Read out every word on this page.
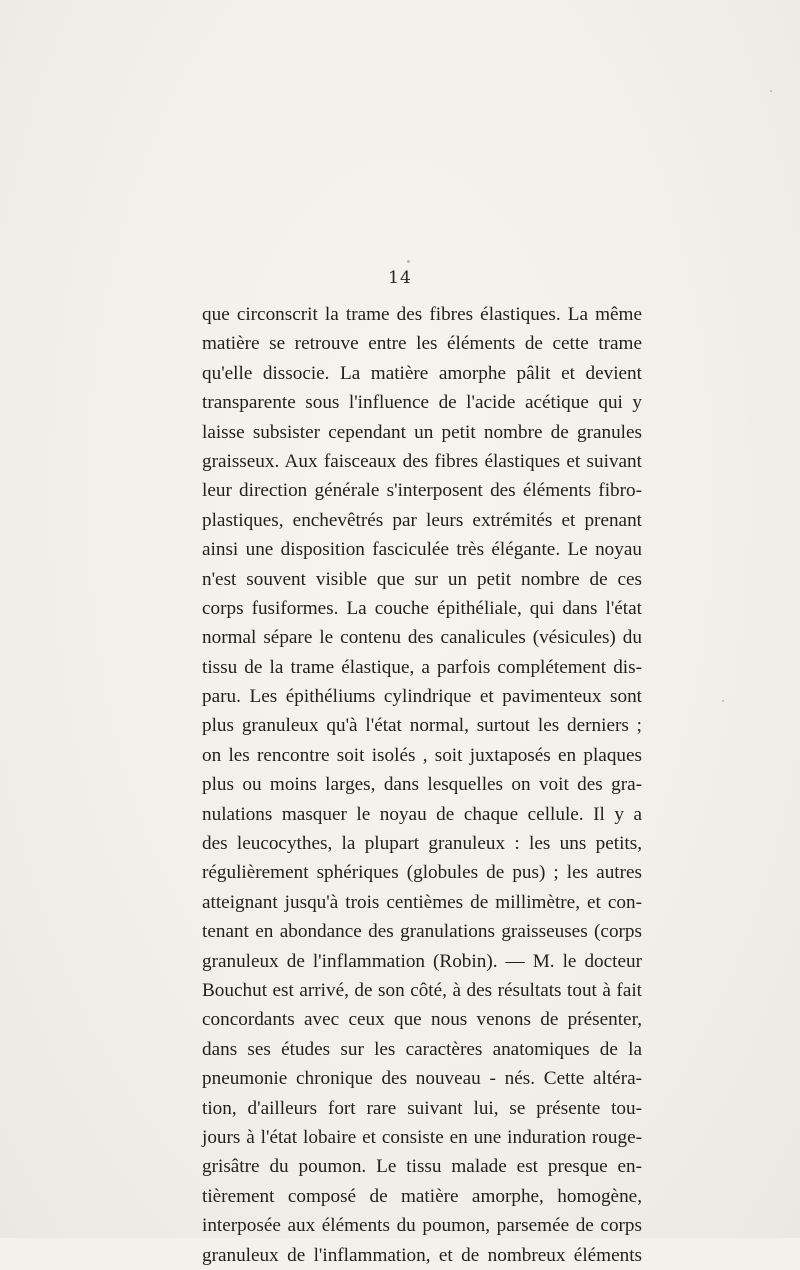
14
que circonscrit la trame des fibres élastiques. La même
matière se retrouve entre les éléments de cette trame
qu'elle dissocie. La matière amorphe pâlit et devient
transparente sous l'influence de l'acide acétique qui y
laisse subsister cependant un petit nombre de granules
graisseux. Aux faisceaux des fibres élastiques et suivant
leur direction générale s'interposent des éléments fibro-
plastiques, enchevêtrés par leurs extrémités et prenant
ainsi une disposition fasciculée très élégante. Le noyau
n'est souvent visible que sur un petit nombre de ces
corps fusiformes. La couche épithéliale, qui dans l'état
normal sépare le contenu des canalicules (vésicules) du
tissu de la trame élastique, a parfois complétement dis-
paru. Les épithéliums cylindrique et pavimenteux sont
plus granuleux qu'à l'état normal, surtout les derniers ;
on les rencontre soit isolés , soit juxtaposés en plaques
plus ou moins larges, dans lesquelles on voit des gra-
nulations masquer le noyau de chaque cellule. Il y a
des leucocythes, la plupart granuleux : les uns petits,
régulièrement sphériques (globules de pus) ; les autres
atteignant jusqu'à trois centièmes de millimètre, et con-
tenant en abondance des granulations graisseuses (corps
granuleux de l'inflammation (Robin). — M. le docteur
Bouchut est arrivé, de son côté, à des résultats tout à fait
concordants avec ceux que nous venons de présenter,
dans ses études sur les caractères anatomiques de la
pneumonie chronique des nouveau - nés. Cette altéra-
tion, d'ailleurs fort rare suivant lui, se présente tou-
jours à l'état lobaire et consiste en une induration rouge-
grisâtre du poumon. Le tissu malade est presque en-
tièrement composé de matière amorphe, homogène,
interposée aux éléments du poumon, parsemée de corps
granuleux de l'inflammation, et de nombreux éléments
